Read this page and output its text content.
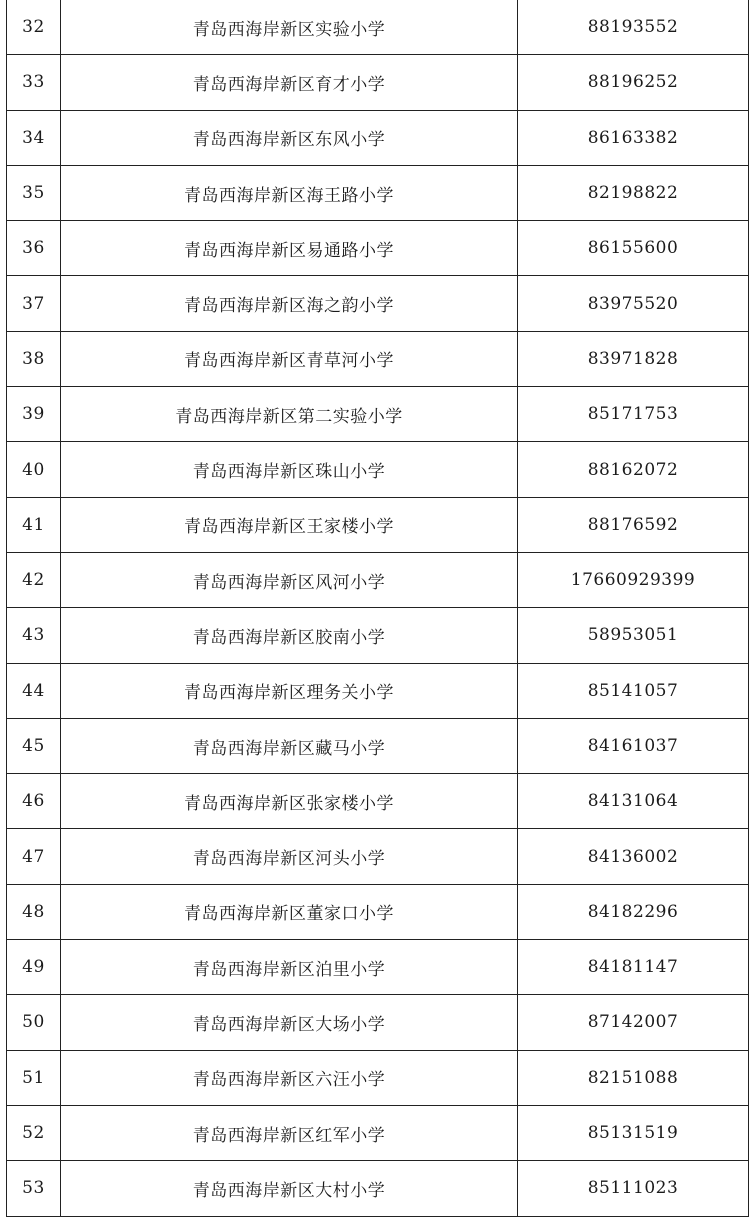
32	青岛西海岸新区实验小学	88193552
33	青岛西海岸新区育才小学	88196252
34	青岛西海岸新区东风小学	86163382
35	青岛西海岸新区海王路小学	82198822
36	青岛西海岸新区易通路小学	86155600
37	青岛西海岸新区海之韵小学	83975520
38	青岛西海岸新区青草河小学	83971828
39	青岛西海岸新区第二实验小学	85171753
40	青岛西海岸新区珠山小学	88162072
41	青岛西海岸新区王家楼小学	88176592
42	青岛西海岸新区风河小学	17660929399
43	青岛西海岸新区胶南小学	58953051
44	青岛西海岸新区理务关小学	85141057
45	青岛西海岸新区藏马小学	84161037
46	青岛西海岸新区张家楼小学	84131064
47	青岛西海岸新区河头小学	84136002
48	青岛西海岸新区董家口小学	84182296
49	青岛西海岸新区泊里小学	84181147
50	青岛西海岸新区大场小学	87142007
51	青岛西海岸新区六汪小学	82151088
52	青岛西海岸新区红军小学	85131519
53	青岛西海岸新区大村小学	85111023
